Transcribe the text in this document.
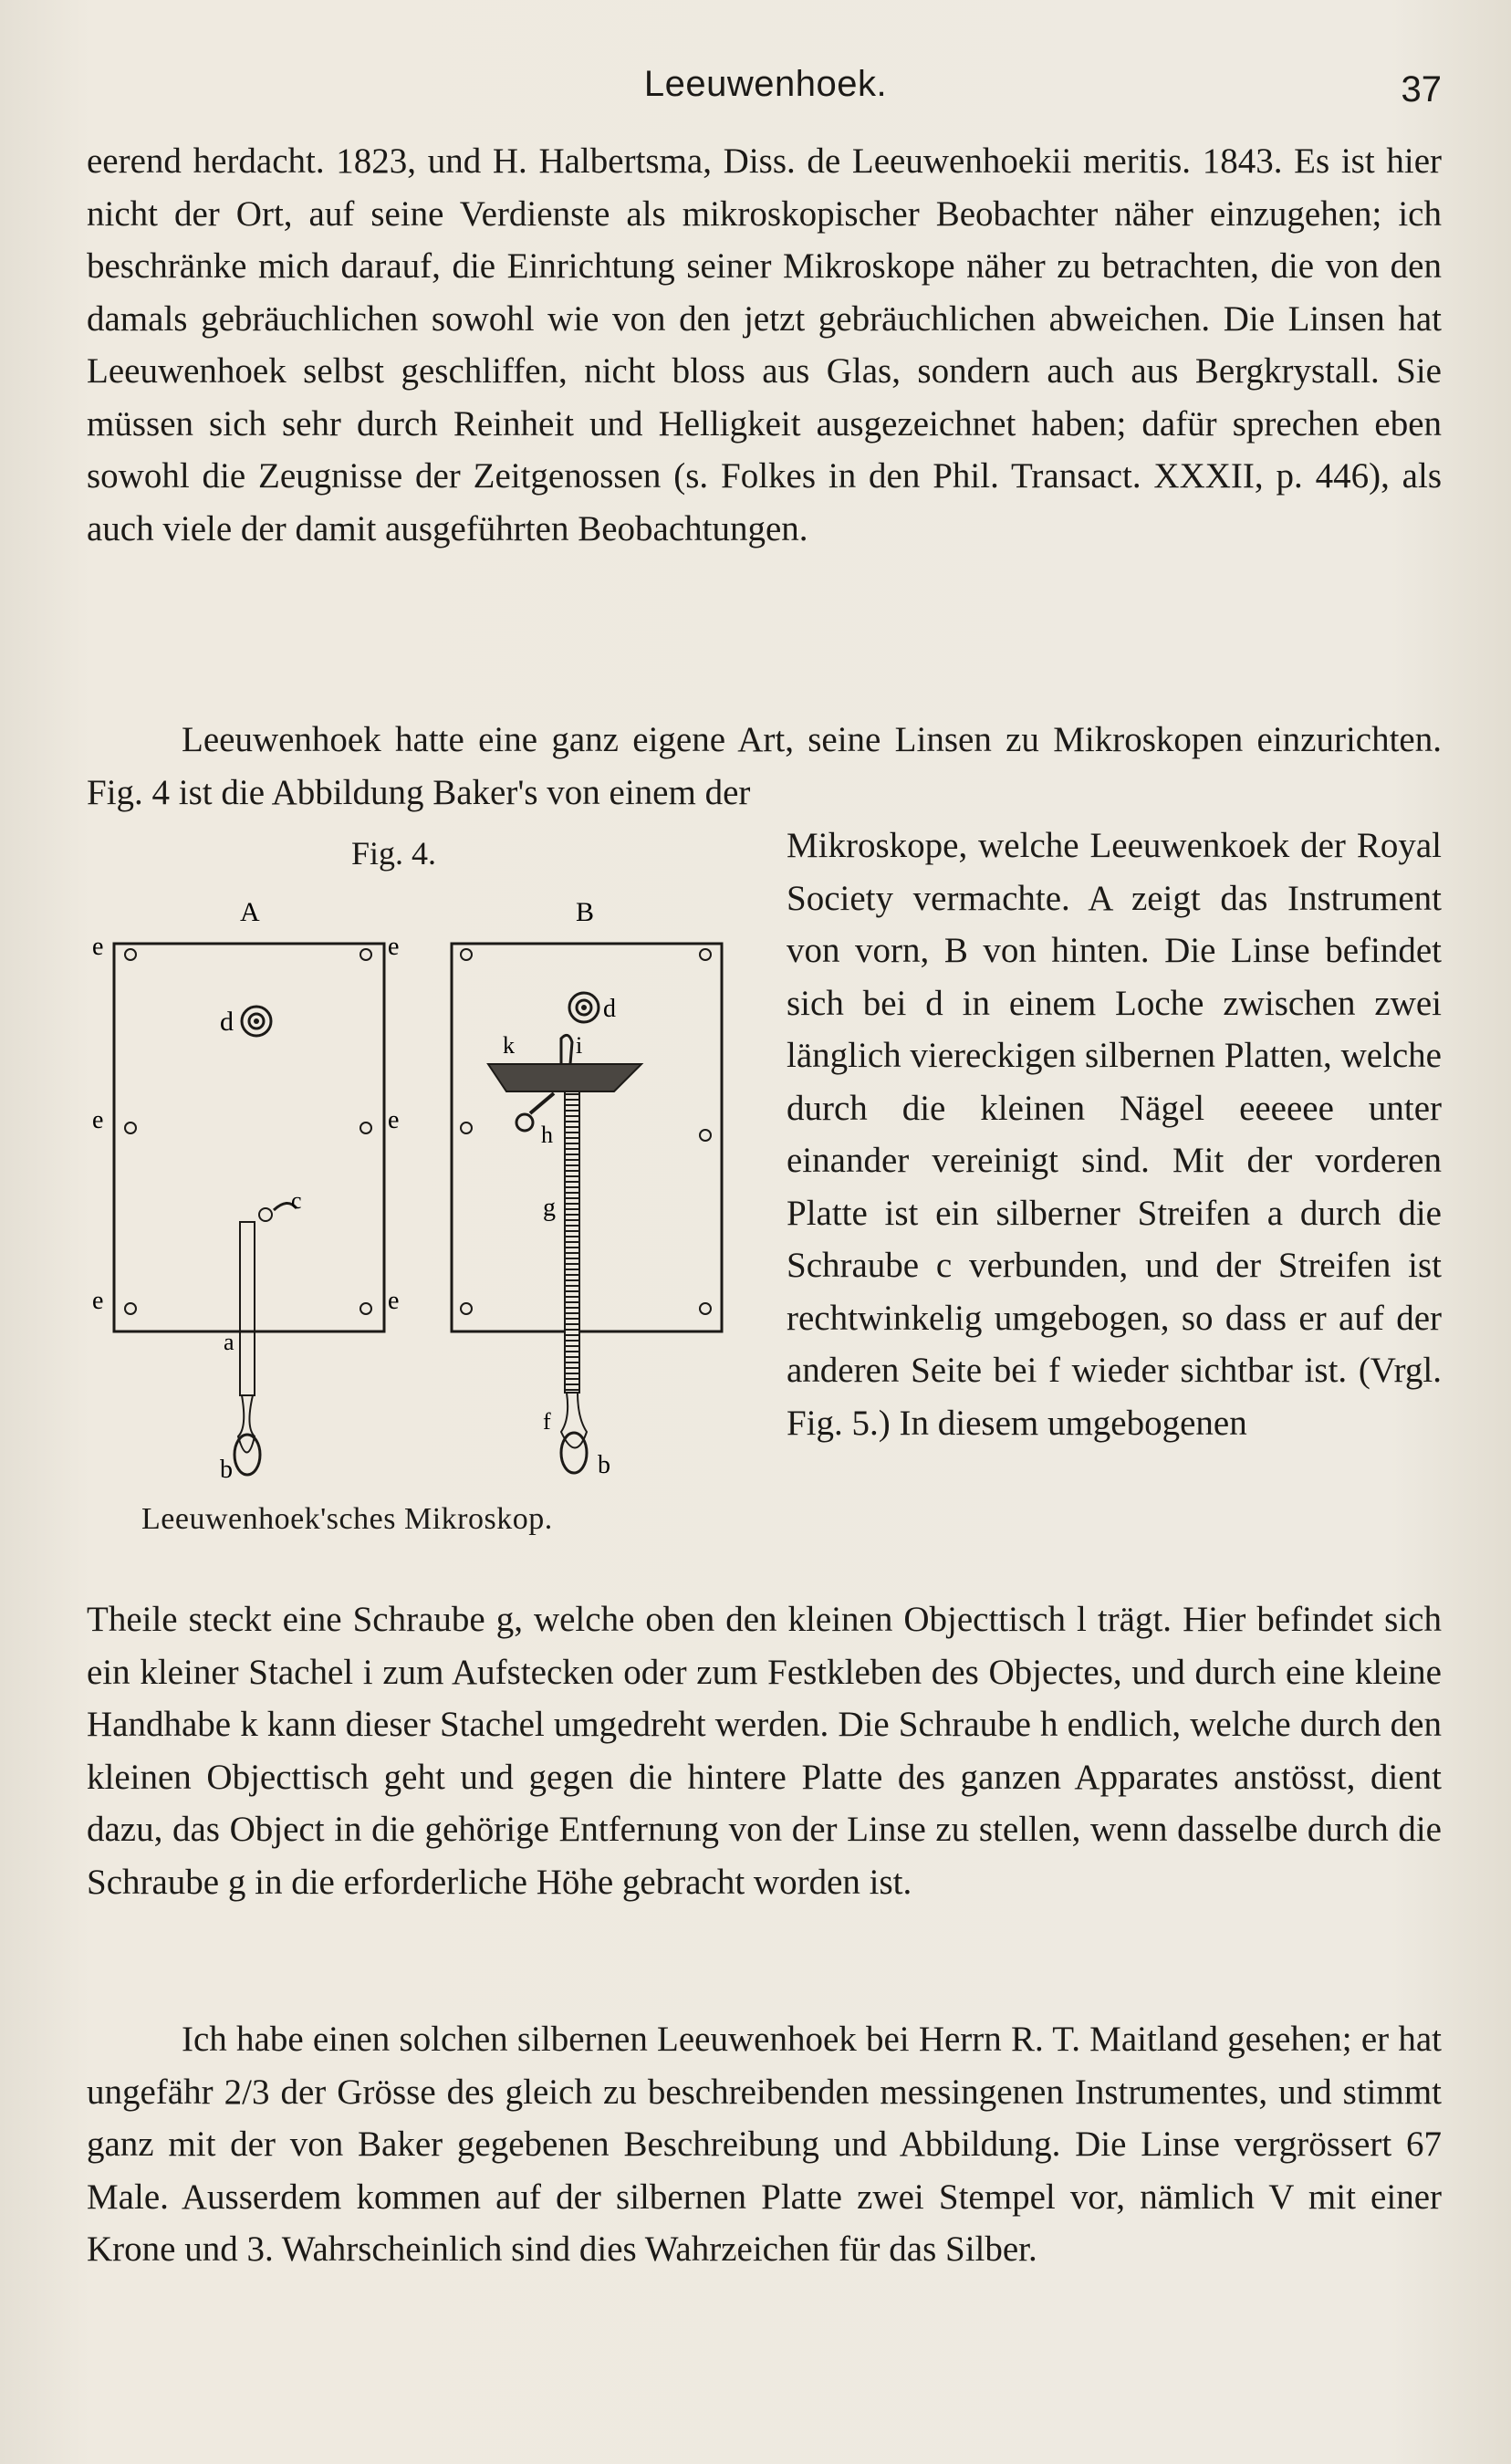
Leeuwenhoek.	37

eerend herdacht. 1823, und H. Halbertsma, Diss. de Leeuwenhoekii meritis. 1843. Es ist hier nicht der Ort, auf seine Verdienste als mikroskopischer Beobachter näher einzugehen; ich beschränke mich darauf, die Einrichtung seiner Mikroskope näher zu betrachten, die von den damals gebräuchlichen sowohl wie von den jetzt gebräuchlichen abweichen. Die Linsen hat Leeuwenhoek selbst geschliffen, nicht bloss aus Glas, sondern auch aus Bergkrystall. Sie müssen sich sehr durch Reinheit und Helligkeit ausgezeichnet haben; dafür sprechen eben sowohl die Zeugnisse der Zeitgenossen (s. Folkes in den Phil. Transact. XXXII, p. 446), als auch viele der damit ausgeführten Beobachtungen.

Leeuwenhoek hatte eine ganz eigene Art, seine Linsen zu Mikroskopen einzurichten. Fig. 4 ist die Abbildung Baker's von einem der

Fig. 4.
A
e	e
e	e
e	e
d
c
a
b
B
d
k	i
h
g
f
b
Leeuwenhoek'sches Mikroskop.

Mikroskope, welche Leeuwenkoek der Royal Society vermachte. A zeigt das Instrument von vorn, B von hinten. Die Linse befindet sich bei d in einem Loche zwischen zwei länglich viereckigen silbernen Platten, welche durch die kleinen Nägel eeeeee unter einander vereinigt sind. Mit der vorderen Platte ist ein silberner Streifen a durch die Schraube c verbunden, und der Streifen ist rechtwinkelig umgebogen, so dass er auf der anderen Seite bei f wieder sichtbar ist. (Vrgl. Fig. 5.) In diesem umgebogenen

Theile steckt eine Schraube g, welche oben den kleinen Objecttisch l trägt. Hier befindet sich ein kleiner Stachel i zum Aufstecken oder zum Festkleben des Objectes, und durch eine kleine Handhabe k kann dieser Stachel umgedreht werden. Die Schraube h endlich, welche durch den kleinen Objecttisch geht und gegen die hintere Platte des ganzen Apparates anstösst, dient dazu, das Object in die gehörige Entfernung von der Linse zu stellen, wenn dasselbe durch die Schraube g in die erforderliche Höhe gebracht worden ist.

Ich habe einen solchen silbernen Leeuwenhoek bei Herrn R. T. Maitland gesehen; er hat ungefähr 2/3 der Grösse des gleich zu beschreibenden messingenen Instrumentes, und stimmt ganz mit der von Baker gegebenen Beschreibung und Abbildung. Die Linse vergrössert 67 Male. Ausserdem kommen auf der silbernen Platte zwei Stempel vor, nämlich V mit einer Krone und 3. Wahrscheinlich sind dies Wahrzeichen für das Silber.
